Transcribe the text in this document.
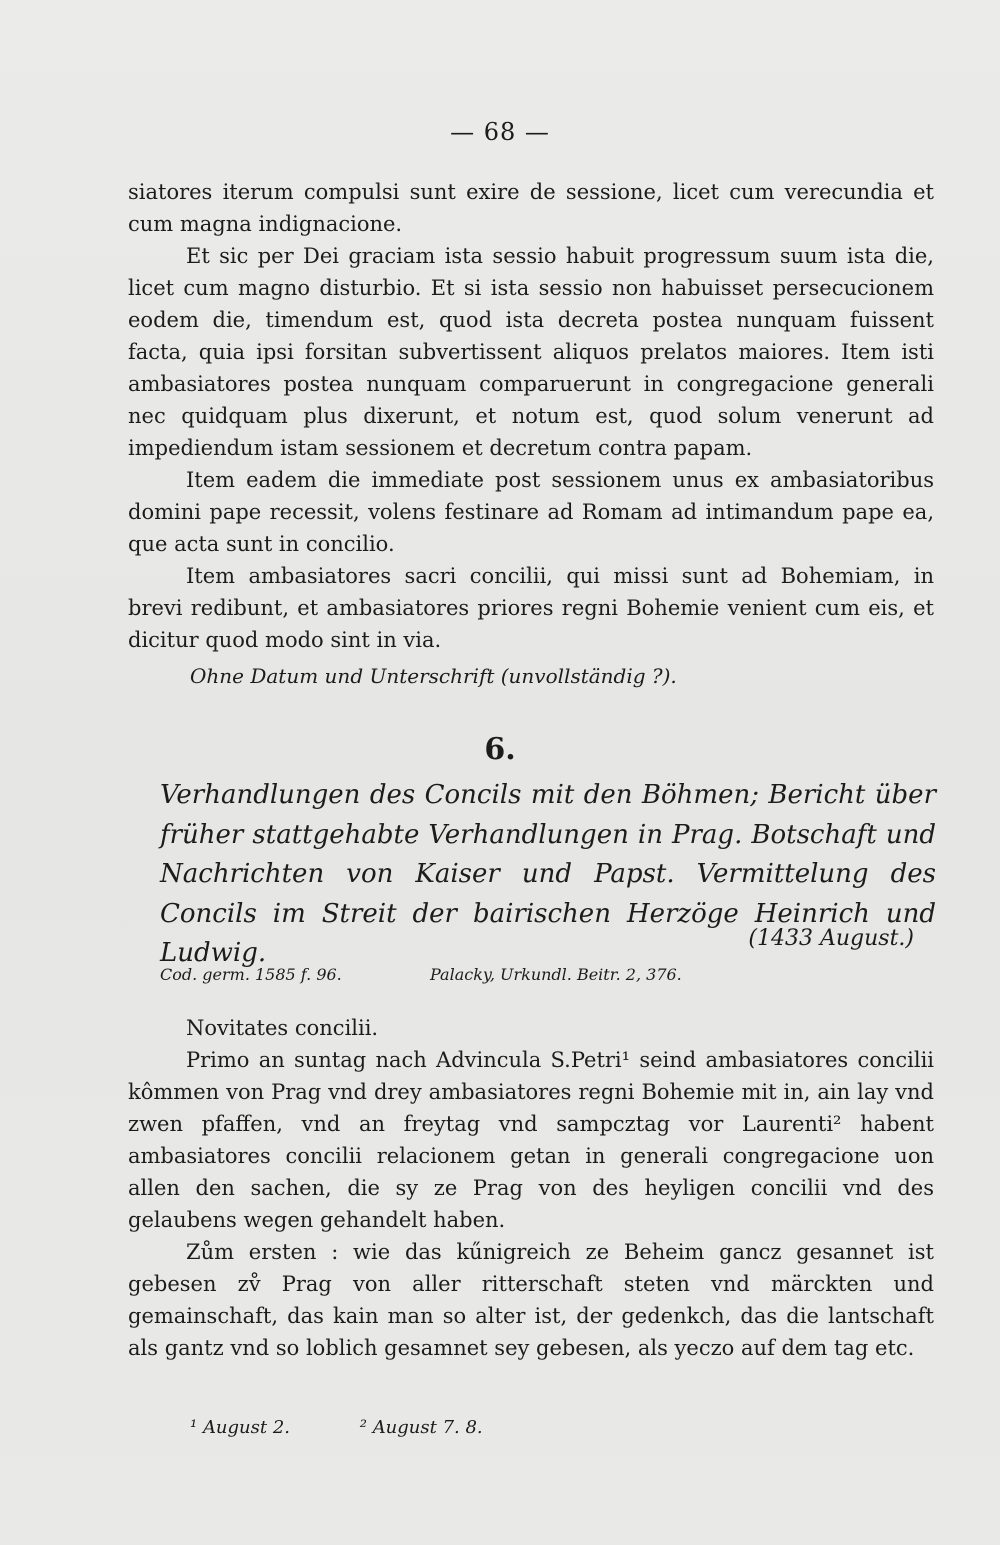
— 68 —

siatores iterum compulsi sunt exire de sessione, licet cum verecundia et cum magna indignacione.

Et sic per Dei graciam ista sessio habuit progressum suum ista die, licet cum magno disturbio. Et si ista sessio non habuisset persecucionem eodem die, timendum est, quod ista decreta postea nunquam fuissent facta, quia ipsi forsitan subvertissent aliquos prelatos maiores. Item isti ambasiatores postea nunquam comparuerunt in congregacione generali nec quidquam plus dixerunt, et notum est, quod solum venerunt ad impediendum istam sessionem et decretum contra papam.

Item eadem die immediate post sessionem unus ex ambasiatoribus domini pape recessit, volens festinare ad Romam ad intimandum pape ea, que acta sunt in concilio.

Item ambasiatores sacri concilii, qui missi sunt ad Bohemiam, in brevi redibunt, et ambasiatores priores regni Bohemie venient cum eis, et dicitur quod modo sint in via.

Ohne Datum und Unterschrift (unvollständig ?).
6.
Verhandlungen des Concils mit den Böhmen; Bericht über früher stattgehabte Verhandlungen in Prag. Botschaft und Nachrichten von Kaiser und Papst. Vermittelung des Concils im Streit der bairischen Herzöge Heinrich und Ludwig.	(1433 August.)
Cod. germ. 1585 f. 96.	Palacky, Urkundl. Beitr. 2, 376.

Novitates concilii.

Primo an suntag nach Advincula S.Petri¹ seind ambasiatores concilii kômmen von Prag vnd drey ambasiatores regni Bohemie mit in, ain lay vnd zwen pfaffen, vnd an freytag vnd sampcztag vor Laurenti² habent ambasiatores concilii relacionem getan in generali congregacione uon allen den sachen, die sy ze Prag von des heyligen concilii vnd des gelaubens wegen gehandelt haben.

Zům ersten : wie das kűnigreich ze Beheim gancz gesannet ist gebesen zv̊ Prag von aller ritterschaft steten vnd märckten und gemainschaft, das kain man so alter ist, der gedenkch, das die lantschaft als gantz vnd so loblich gesamnet sey gebesen, als yeczo auf dem tag etc.

¹ August 2.	² August 7. 8.
